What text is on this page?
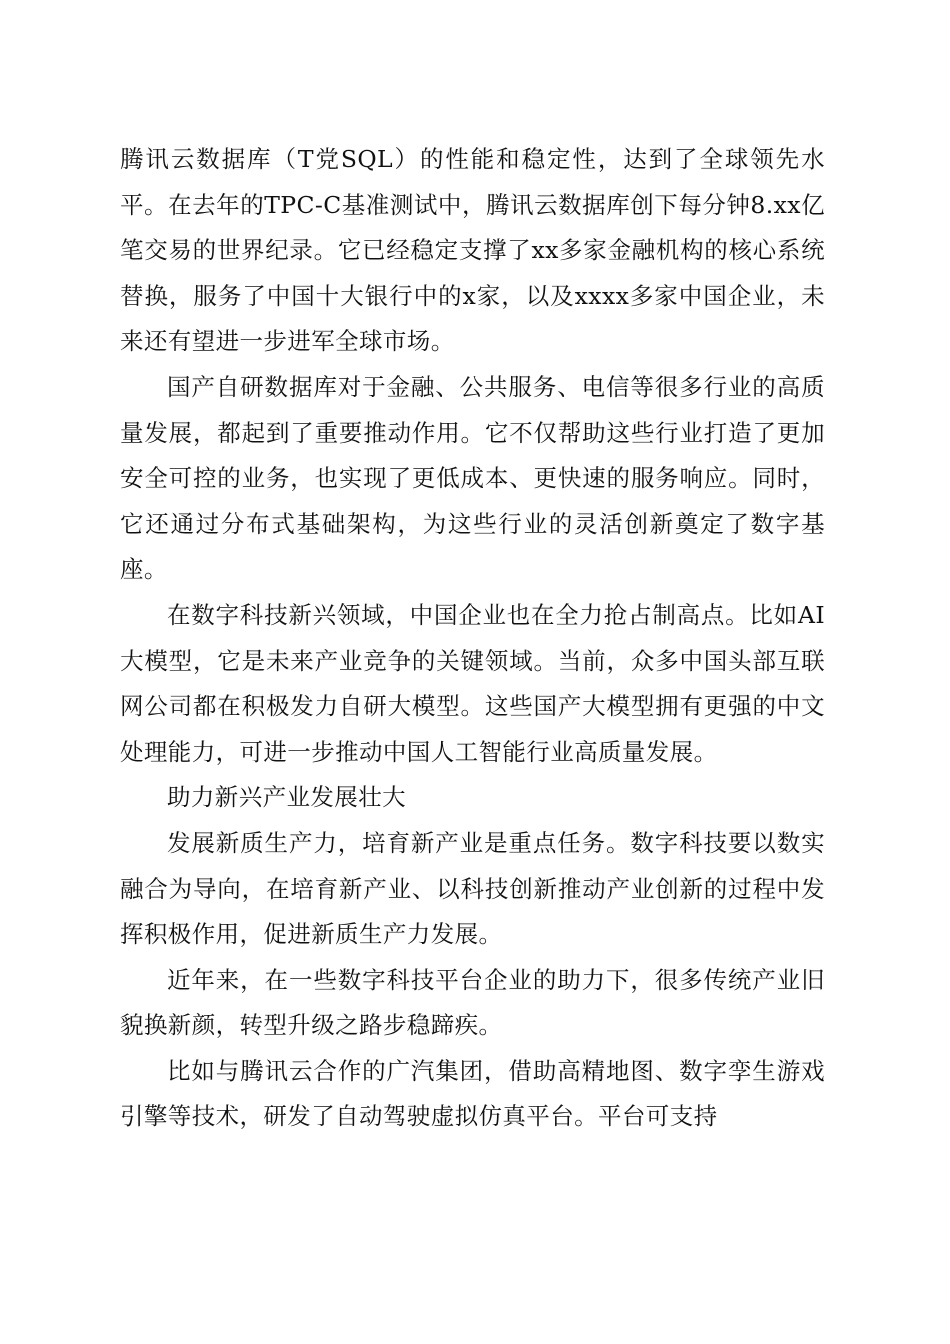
腾讯云数据库（T党SQL）的性能和稳定性，达到了全球领先水平。在去年的TPC-C基准测试中，腾讯云数据库创下每分钟8.xx亿笔交易的世界纪录。它已经稳定支撑了xx多家金融机构的核心系统替换，服务了中国十大银行中的x家，以及xxxx多家中国企业，未来还有望进一步进军全球市场。

国产自研数据库对于金融、公共服务、电信等很多行业的高质量发展，都起到了重要推动作用。它不仅帮助这些行业打造了更加安全可控的业务，也实现了更低成本、更快速的服务响应。同时，它还通过分布式基础架构，为这些行业的灵活创新奠定了数字基座。

在数字科技新兴领域，中国企业也在全力抢占制高点。比如AI大模型，它是未来产业竞争的关键领域。当前，众多中国头部互联网公司都在积极发力自研大模型。这些国产大模型拥有更强的中文处理能力，可进一步推动中国人工智能行业高质量发展。

助力新兴产业发展壮大

发展新质生产力，培育新产业是重点任务。数字科技要以数实融合为导向，在培育新产业、以科技创新推动产业创新的过程中发挥积极作用，促进新质生产力发展。

近年来，在一些数字科技平台企业的助力下，很多传统产业旧貌换新颜，转型升级之路步稳蹄疾。

比如与腾讯云合作的广汽集团，借助高精地图、数字孪生游戏引擎等技术，研发了自动驾驶虚拟仿真平台。平台可支持
